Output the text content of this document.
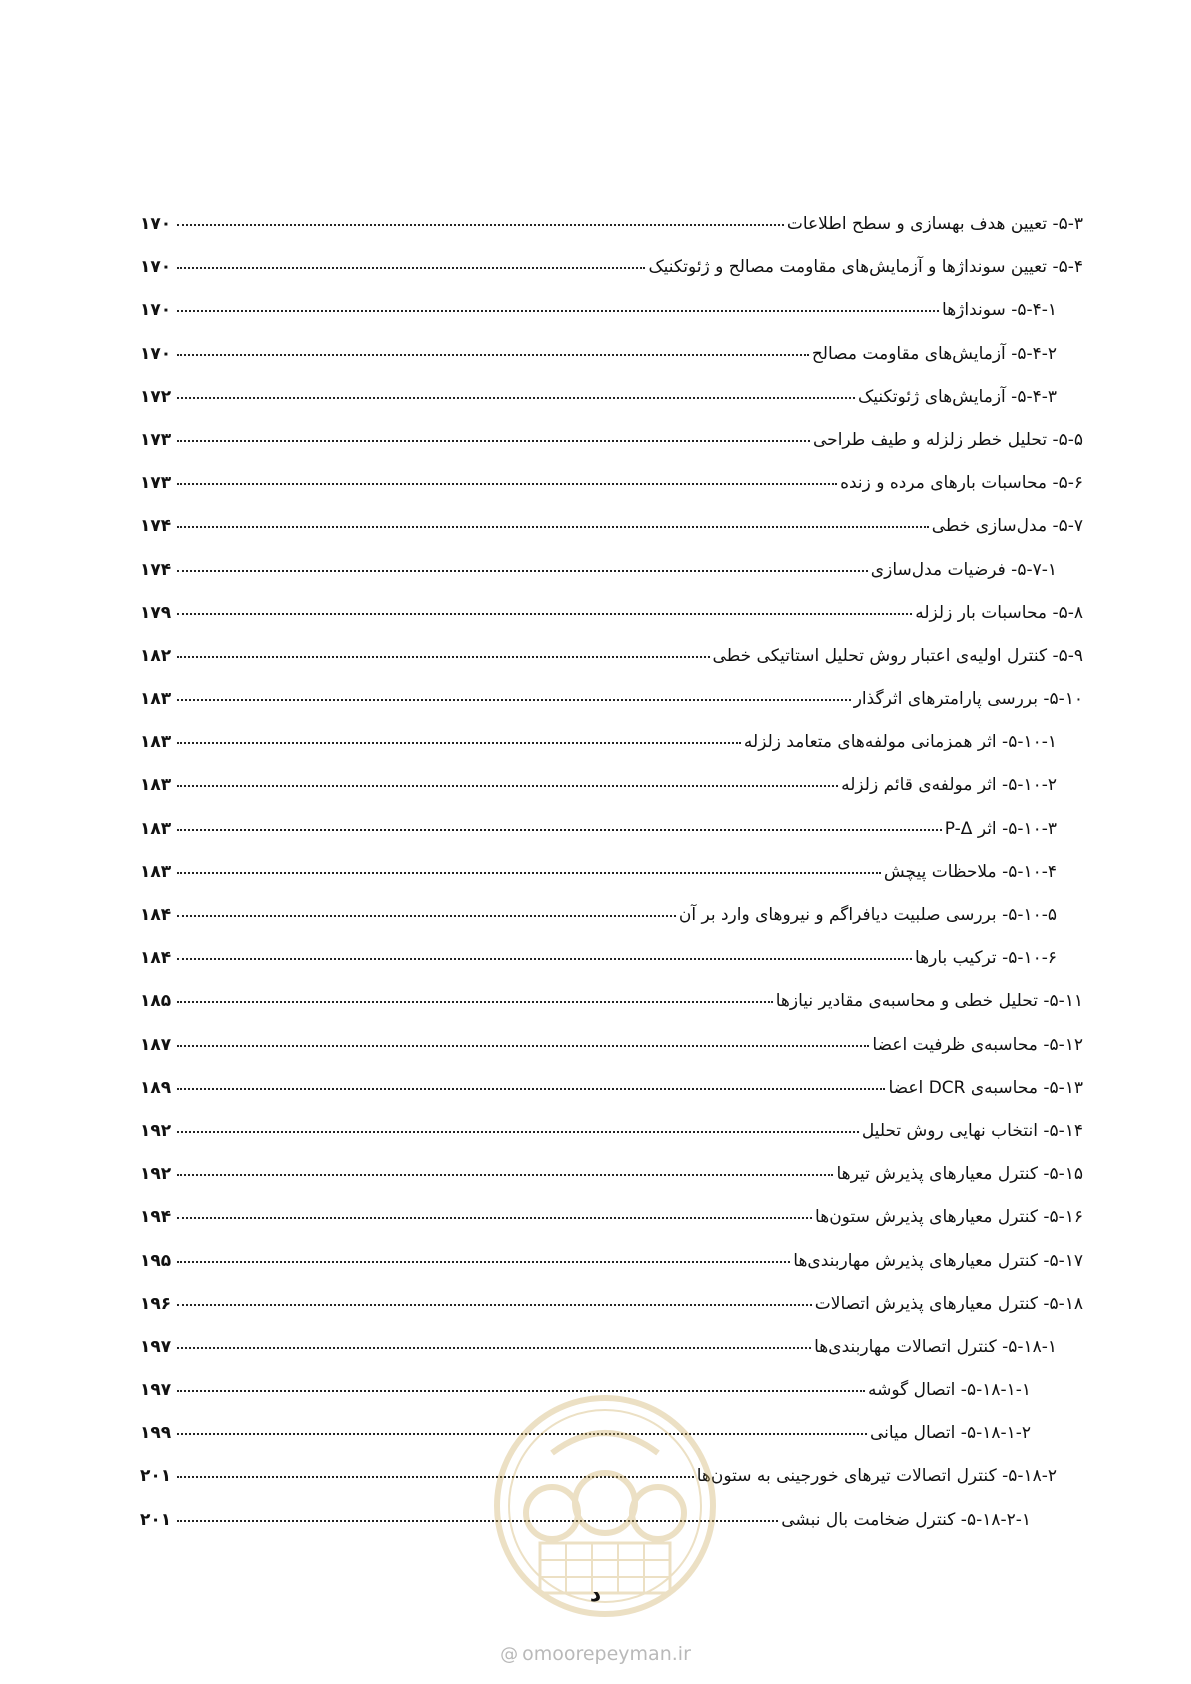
۵-۳- تعیین هدف بهسازی و سطح اطلاعات
۱۷۰
۵-۴- تعیین سونداژها و آزمایش‌های مقاومت مصالح و ژئوتکنیک
۱۷۰
۵-۴-۱- سونداژها
۱۷۰
۵-۴-۲- آزمایش‌های مقاومت مصالح
۱۷۰
۵-۴-۳- آزمایش‌های ژئوتکنیک
۱۷۲
۵-۵- تحلیل خطر زلزله و طیف طراحی
۱۷۳
۵-۶- محاسبات بارهای مرده و زنده
۱۷۳
۵-۷- مدل‌سازی خطی
۱۷۴
۵-۷-۱- فرضیات مدل‌سازی
۱۷۴
۵-۸- محاسبات بار زلزله
۱۷۹
۵-۹- کنترل اولیه‌ی اعتبار روش تحلیل استاتیکی خطی
۱۸۲
۵-۱۰- بررسی پارامترهای اثرگذار
۱۸۳
۵-۱۰-۱- اثر همزمانی مولفه‌های متعامد زلزله
۱۸۳
۵-۱۰-۲- اثر مولفه‌ی قائم زلزله
۱۸۳
۵-۱۰-۳- اثر P-Δ
۱۸۳
۵-۱۰-۴- ملاحظات پیچش
۱۸۳
۵-۱۰-۵- بررسی صلبیت دیافراگم و نیروهای وارد بر آن
۱۸۴
۵-۱۰-۶- ترکیب بارها
۱۸۴
۵-۱۱- تحلیل خطی و محاسبه‌ی مقادیر نیازها
۱۸۵
۵-۱۲- محاسبه‌ی ظرفیت اعضا
۱۸۷
۵-۱۳- محاسبه‌ی DCR اعضا
۱۸۹
۵-۱۴- انتخاب نهایی روش تحلیل
۱۹۲
۵-۱۵- کنترل معیارهای پذیرش تیرها
۱۹۲
۵-۱۶- کنترل معیارهای پذیرش ستون‌ها
۱۹۴
۵-۱۷- کنترل معیارهای پذیرش مهاربندی‌ها
۱۹۵
۵-۱۸- کنترل معیارهای پذیرش اتصالات
۱۹۶
۵-۱۸-۱- کنترل اتصالات مهاربندی‌ها
۱۹۷
۵-۱۸-۱-۱- اتصال گوشه
۱۹۷
۵-۱۸-۱-۲- اتصال میانی
۱۹۹
۵-۱۸-۲- کنترل اتصالات تیرهای خورجینی به ستون‌ها
۲۰۱
۵-۱۸-۲-۱- کنترل ضخامت بال نبشی
۲۰۱
د
@ omoorepeyman.ir
